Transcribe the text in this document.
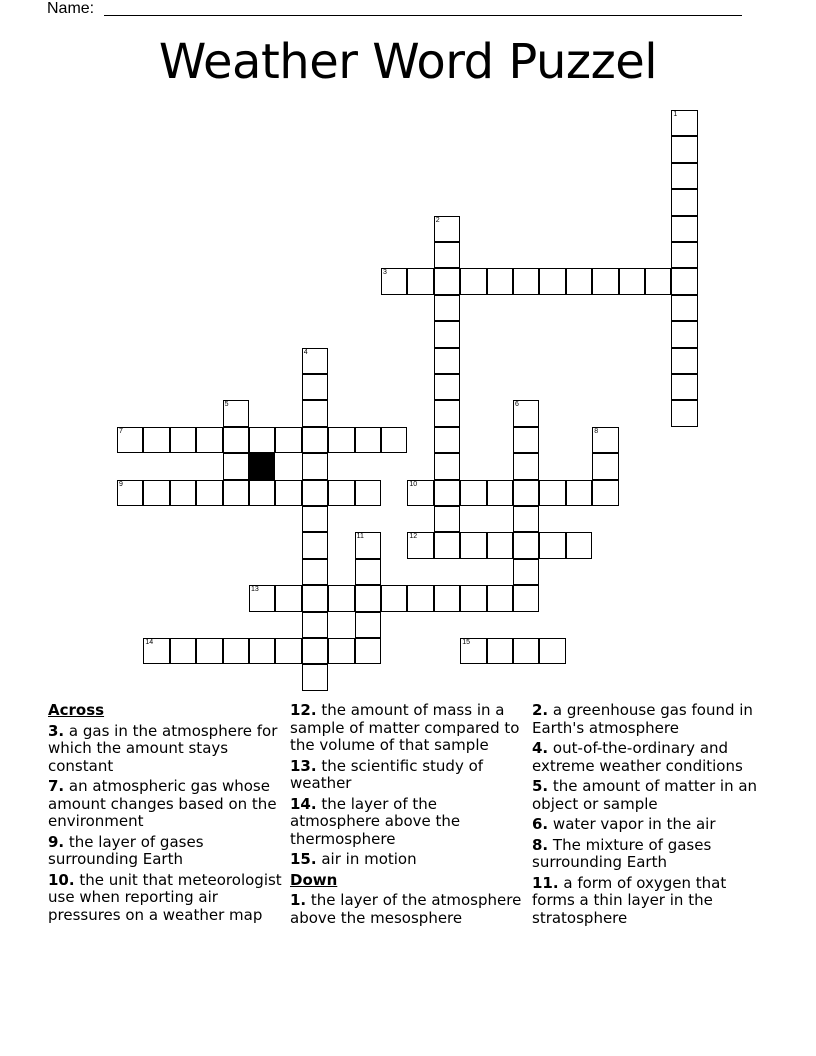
Name:
Weather Word Puzzel
1
2
3
4
5	6
7	8
9	10
11	12
13
14	15
Across
3. a gas in the atmosphere for which the amount stays constant
7. an atmospheric gas whose amount changes based on the environment
9. the layer of gases surrounding Earth
10. the unit that meteorologist use when reporting air pressures on a weather map
12. the amount of mass in a sample of matter compared to the volume of that sample
13. the scientific study of weather
14. the layer of the atmosphere above the thermosphere
15. air in motion
Down
1. the layer of the atmosphere above the mesosphere
2. a greenhouse gas found in Earth's atmosphere
4. out-of-the-ordinary and extreme weather conditions
5. the amount of matter in an object or sample
6. water vapor in the air
8. The mixture of gases surrounding Earth
11. a form of oxygen that forms a thin layer in the stratosphere
